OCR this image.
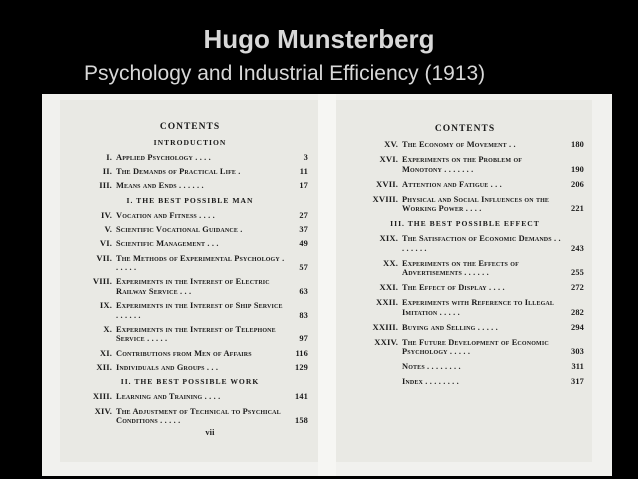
Hugo Munsterberg
Psychology and Industrial Efficiency (1913)
CONTENTS
INTRODUCTION
I. Applied Psychology . . . .	3
II. The Demands of Practical Life .	11
III. Means and Ends . . . . . .	17
I. THE BEST POSSIBLE MAN
IV. Vocation and Fitness . . . .	27
V. Scientific Vocational Guidance .	37
VI. Scientific Management . . .	49
VII. The Methods of Experimental Psychology . . . . . .	57
VIII. Experiments in the Interest of Electric Railway Service . . .	63
IX. Experiments in the Interest of Ship Service . . . . . .	83
X. Experiments in the Interest of Telephone Service . . . . .	97
XI. Contributions from Men of Affairs	116
XII. Individuals and Groups . . .	129
II. THE BEST POSSIBLE WORK
XIII. Learning and Training . . . .	141
XIV. The Adjustment of Technical to Psychical Conditions . . . . .	158
vii
CONTENTS
XV. The Economy of Movement . .	180
XVI. Experiments on the Problem of Monotony . . . . . . .	190
XVII. Attention and Fatigue . . .	206
XVIII. Physical and Social Influences on the Working Power . . . .	221
III. THE BEST POSSIBLE EFFECT
XIX. The Satisfaction of Economic Demands . . . . . . . .	243
XX. Experiments on the Effects of Advertisements . . . . . .	255
XXI. The Effect of Display . . . .	272
XXII. Experiments with Reference to Illegal Imitation . . . . .	282
XXIII. Buying and Selling . . . . .	294
XXIV. The Future Development of Economic Psychology . . . . .	303
Notes . . . . . . . .	311
Index . . . . . . . .	317
